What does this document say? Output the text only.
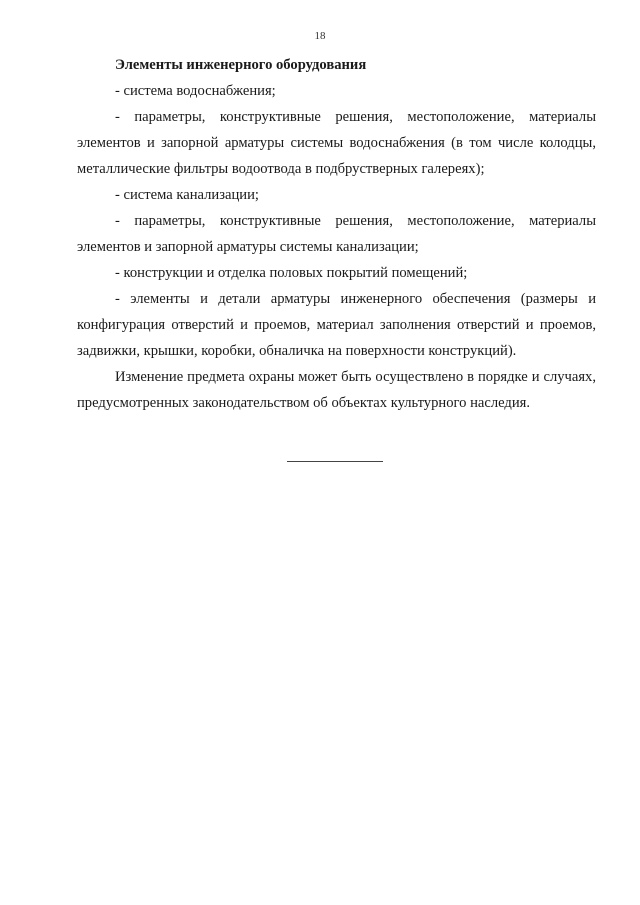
18

Элементы инженерного оборудования

- система водоснабжения;

- параметры, конструктивные решения, местоположение, материалы элементов и запорной арматуры системы водоснабжения (в том числе колодцы, металлические фильтры водоотвода в подбрустверных галереях);

- система канализации;

- параметры, конструктивные решения, местоположение, материалы элементов и запорной арматуры системы канализации;

- конструкции и отделка половых покрытий помещений;

- элементы и детали арматуры инженерного обеспечения (размеры и конфигурация отверстий и проемов, материал заполнения отверстий и проемов, задвижки, крышки, коробки, обналичка на поверхности конструкций).

Изменение предмета охраны может быть осуществлено в порядке и случаях, предусмотренных законодательством об объектах культурного наследия.
